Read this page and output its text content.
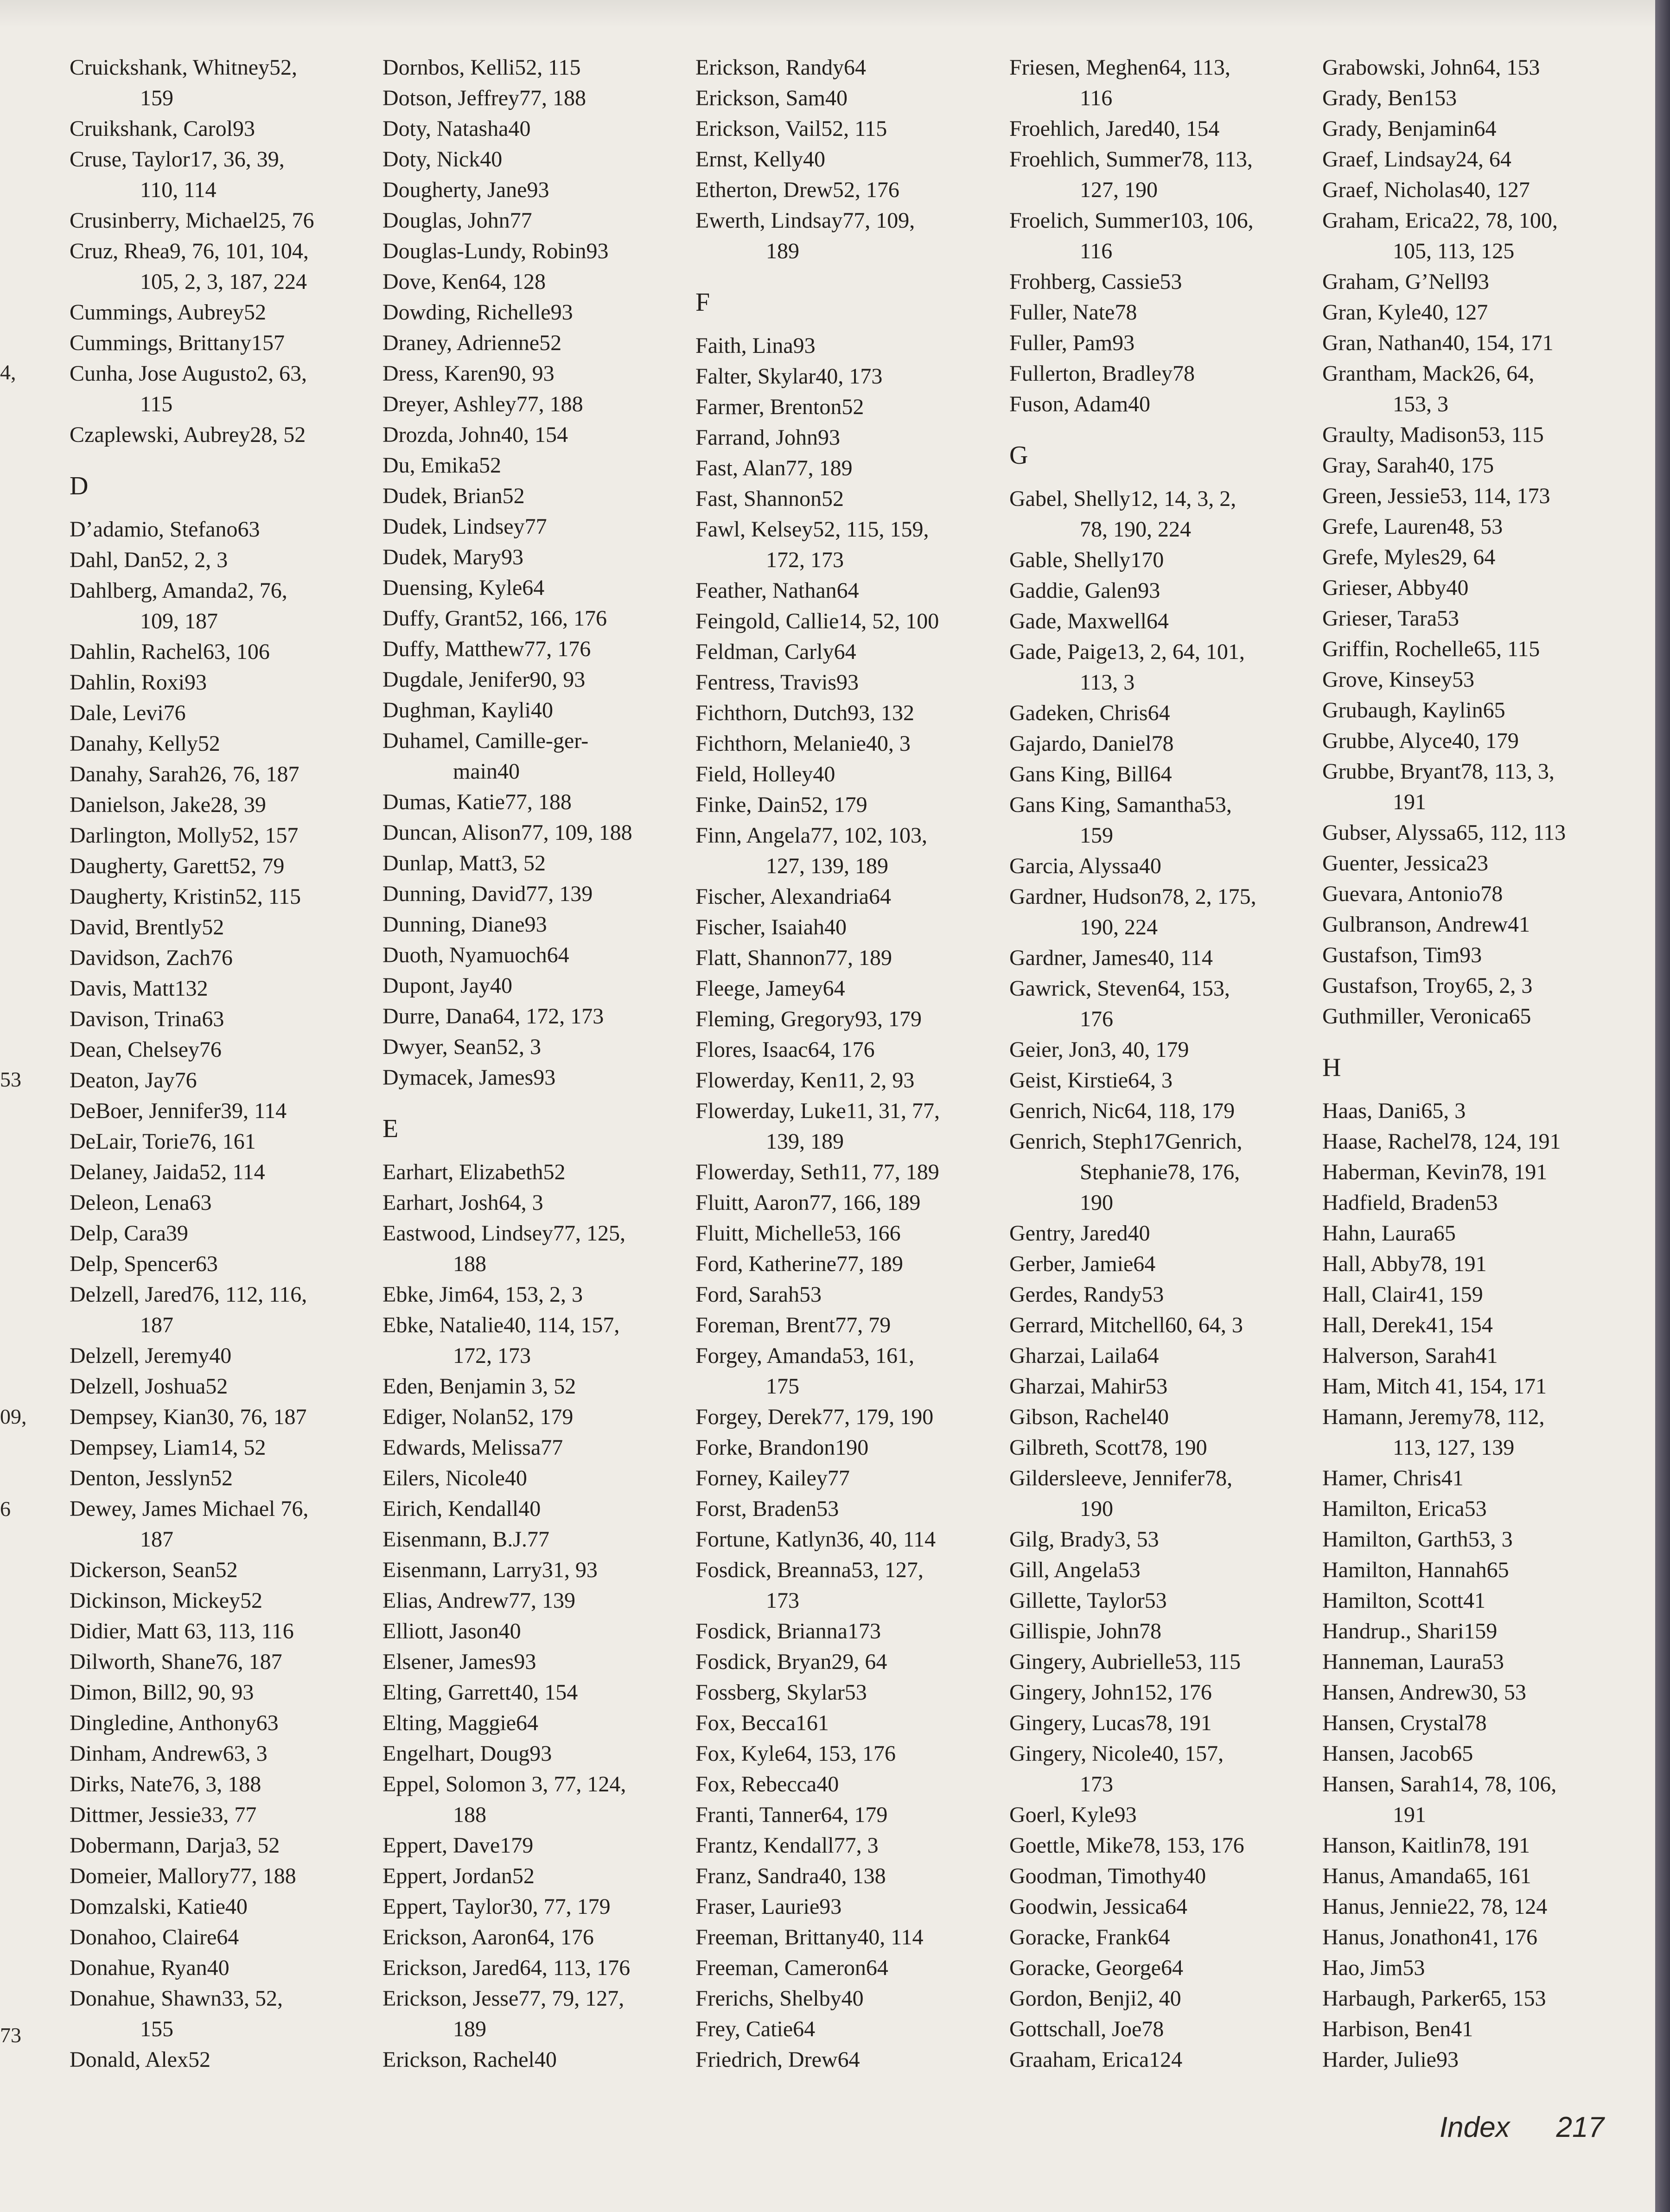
4,
53
09,
6
73
Cruickshank, Whitney52,
159
Cruikshank, Carol93
Cruse, Taylor17, 36, 39,
110, 114
Crusinberry, Michael25, 76
Cruz, Rhea9, 76, 101, 104,
105, 2, 3, 187, 224
Cummings, Aubrey52
Cummings, Brittany157
Cunha, Jose Augusto2, 63,
115
Czaplewski, Aubrey28, 52
D
D’adamio, Stefano63
Dahl, Dan52, 2, 3
Dahlberg, Amanda2, 76,
109, 187
Dahlin, Rachel63, 106
Dahlin, Roxi93
Dale, Levi76
Danahy, Kelly52
Danahy, Sarah26, 76, 187
Danielson, Jake28, 39
Darlington, Molly52, 157
Daugherty, Garett52, 79
Daugherty, Kristin52, 115
David, Brently52
Davidson, Zach76
Davis, Matt132
Davison, Trina63
Dean, Chelsey76
Deaton, Jay76
DeBoer, Jennifer39, 114
DeLair, Torie76, 161
Delaney, Jaida52, 114
Deleon, Lena63
Delp, Cara39
Delp, Spencer63
Delzell, Jared76, 112, 116,
187
Delzell, Jeremy40
Delzell, Joshua52
Dempsey, Kian30, 76, 187
Dempsey, Liam14, 52
Denton, Jesslyn52
Dewey, James Michael 76,
187
Dickerson, Sean52
Dickinson, Mickey52
Didier, Matt 63, 113, 116
Dilworth, Shane76, 187
Dimon, Bill2, 90, 93
Dingledine, Anthony63
Dinham, Andrew63, 3
Dirks, Nate76, 3, 188
Dittmer, Jessie33, 77
Dobermann, Darja3, 52
Domeier, Mallory77, 188
Domzalski, Katie40
Donahoo, Claire64
Donahue, Ryan40
Donahue, Shawn33, 52,
155
Donald, Alex52
Dornbos, Kelli52, 115
Dotson, Jeffrey77, 188
Doty, Natasha40
Doty, Nick40
Dougherty, Jane93
Douglas, John77
Douglas-Lundy, Robin93
Dove, Ken64, 128
Dowding, Richelle93
Draney, Adrienne52
Dress, Karen90, 93
Dreyer, Ashley77, 188
Drozda, John40, 154
Du, Emika52
Dudek, Brian52
Dudek, Lindsey77
Dudek, Mary93
Duensing, Kyle64
Duffy, Grant52, 166, 176
Duffy, Matthew77, 176
Dugdale, Jenifer90, 93
Dughman, Kayli40
Duhamel, Camille-ger-
main40
Dumas, Katie77, 188
Duncan, Alison77, 109, 188
Dunlap, Matt3, 52
Dunning, David77, 139
Dunning, Diane93
Duoth, Nyamuoch64
Dupont, Jay40
Durre, Dana64, 172, 173
Dwyer, Sean52, 3
Dymacek, James93
E
Earhart, Elizabeth52
Earhart, Josh64, 3
Eastwood, Lindsey77, 125,
188
Ebke, Jim64, 153, 2, 3
Ebke, Natalie40, 114, 157,
172, 173
Eden, Benjamin 3, 52
Ediger, Nolan52, 179
Edwards, Melissa77
Eilers, Nicole40
Eirich, Kendall40
Eisenmann, B.J.77
Eisenmann, Larry31, 93
Elias, Andrew77, 139
Elliott, Jason40
Elsener, James93
Elting, Garrett40, 154
Elting, Maggie64
Engelhart, Doug93
Eppel, Solomon 3, 77, 124,
188
Eppert, Dave179
Eppert, Jordan52
Eppert, Taylor30, 77, 179
Erickson, Aaron64, 176
Erickson, Jared64, 113, 176
Erickson, Jesse77, 79, 127,
189
Erickson, Rachel40
Erickson, Randy64
Erickson, Sam40
Erickson, Vail52, 115
Ernst, Kelly40
Etherton, Drew52, 176
Ewerth, Lindsay77, 109,
189
F
Faith, Lina93
Falter, Skylar40, 173
Farmer, Brenton52
Farrand, John93
Fast, Alan77, 189
Fast, Shannon52
Fawl, Kelsey52, 115, 159,
172, 173
Feather, Nathan64
Feingold, Callie14, 52, 100
Feldman, Carly64
Fentress, Travis93
Fichthorn, Dutch93, 132
Fichthorn, Melanie40, 3
Field, Holley40
Finke, Dain52, 179
Finn, Angela77, 102, 103,
127, 139, 189
Fischer, Alexandria64
Fischer, Isaiah40
Flatt, Shannon77, 189
Fleege, Jamey64
Fleming, Gregory93, 179
Flores, Isaac64, 176
Flowerday, Ken11, 2, 93
Flowerday, Luke11, 31, 77,
139, 189
Flowerday, Seth11, 77, 189
Fluitt, Aaron77, 166, 189
Fluitt, Michelle53, 166
Ford, Katherine77, 189
Ford, Sarah53
Foreman, Brent77, 79
Forgey, Amanda53, 161,
175
Forgey, Derek77, 179, 190
Forke, Brandon190
Forney, Kailey77
Forst, Braden53
Fortune, Katlyn36, 40, 114
Fosdick, Breanna53, 127,
173
Fosdick, Brianna173
Fosdick, Bryan29, 64
Fossberg, Skylar53
Fox, Becca161
Fox, Kyle64, 153, 176
Fox, Rebecca40
Franti, Tanner64, 179
Frantz, Kendall77, 3
Franz, Sandra40, 138
Fraser, Laurie93
Freeman, Brittany40, 114
Freeman, Cameron64
Frerichs, Shelby40
Frey, Catie64
Friedrich, Drew64
Friesen, Meghen64, 113,
116
Froehlich, Jared40, 154
Froehlich, Summer78, 113,
127, 190
Froelich, Summer103, 106,
116
Frohberg, Cassie53
Fuller, Nate78
Fuller, Pam93
Fullerton, Bradley78
Fuson, Adam40
G
Gabel, Shelly12, 14, 3, 2,
78, 190, 224
Gable, Shelly170
Gaddie, Galen93
Gade, Maxwell64
Gade, Paige13, 2, 64, 101,
113, 3
Gadeken, Chris64
Gajardo, Daniel78
Gans King, Bill64
Gans King, Samantha53,
159
Garcia, Alyssa40
Gardner, Hudson78, 2, 175,
190, 224
Gardner, James40, 114
Gawrick, Steven64, 153,
176
Geier, Jon3, 40, 179
Geist, Kirstie64, 3
Genrich, Nic64, 118, 179
Genrich, Steph17Genrich,
Stephanie78, 176,
190
Gentry, Jared40
Gerber, Jamie64
Gerdes, Randy53
Gerrard, Mitchell60, 64, 3
Gharzai, Laila64
Gharzai, Mahir53
Gibson, Rachel40
Gilbreth, Scott78, 190
Gildersleeve, Jennifer78,
190
Gilg, Brady3, 53
Gill, Angela53
Gillette, Taylor53
Gillispie, John78
Gingery, Aubrielle53, 115
Gingery, John152, 176
Gingery, Lucas78, 191
Gingery, Nicole40, 157,
173
Goerl, Kyle93
Goettle, Mike78, 153, 176
Goodman, Timothy40
Goodwin, Jessica64
Goracke, Frank64
Goracke, George64
Gordon, Benji2, 40
Gottschall, Joe78
Graaham, Erica124
Grabowski, John64, 153
Grady, Ben153
Grady, Benjamin64
Graef, Lindsay24, 64
Graef, Nicholas40, 127
Graham, Erica22, 78, 100,
105, 113, 125
Graham, G’Nell93
Gran, Kyle40, 127
Gran, Nathan40, 154, 171
Grantham, Mack26, 64,
153, 3
Graulty, Madison53, 115
Gray, Sarah40, 175
Green, Jessie53, 114, 173
Grefe, Lauren48, 53
Grefe, Myles29, 64
Grieser, Abby40
Grieser, Tara53
Griffin, Rochelle65, 115
Grove, Kinsey53
Grubaugh, Kaylin65
Grubbe, Alyce40, 179
Grubbe, Bryant78, 113, 3,
191
Gubser, Alyssa65, 112, 113
Guenter, Jessica23
Guevara, Antonio78
Gulbranson, Andrew41
Gustafson, Tim93
Gustafson, Troy65, 2, 3
Guthmiller, Veronica65
H
Haas, Dani65, 3
Haase, Rachel78, 124, 191
Haberman, Kevin78, 191
Hadfield, Braden53
Hahn, Laura65
Hall, Abby78, 191
Hall, Clair41, 159
Hall, Derek41, 154
Halverson, Sarah41
Ham, Mitch 41, 154, 171
Hamann, Jeremy78, 112,
113, 127, 139
Hamer, Chris41
Hamilton, Erica53
Hamilton, Garth53, 3
Hamilton, Hannah65
Hamilton, Scott41
Handrup., Shari159
Hanneman, Laura53
Hansen, Andrew30, 53
Hansen, Crystal78
Hansen, Jacob65
Hansen, Sarah14, 78, 106,
191
Hanson, Kaitlin78, 191
Hanus, Amanda65, 161
Hanus, Jennie22, 78, 124
Hanus, Jonathon41, 176
Hao, Jim53
Harbaugh, Parker65, 153
Harbison, Ben41
Harder, Julie93
Index 217
